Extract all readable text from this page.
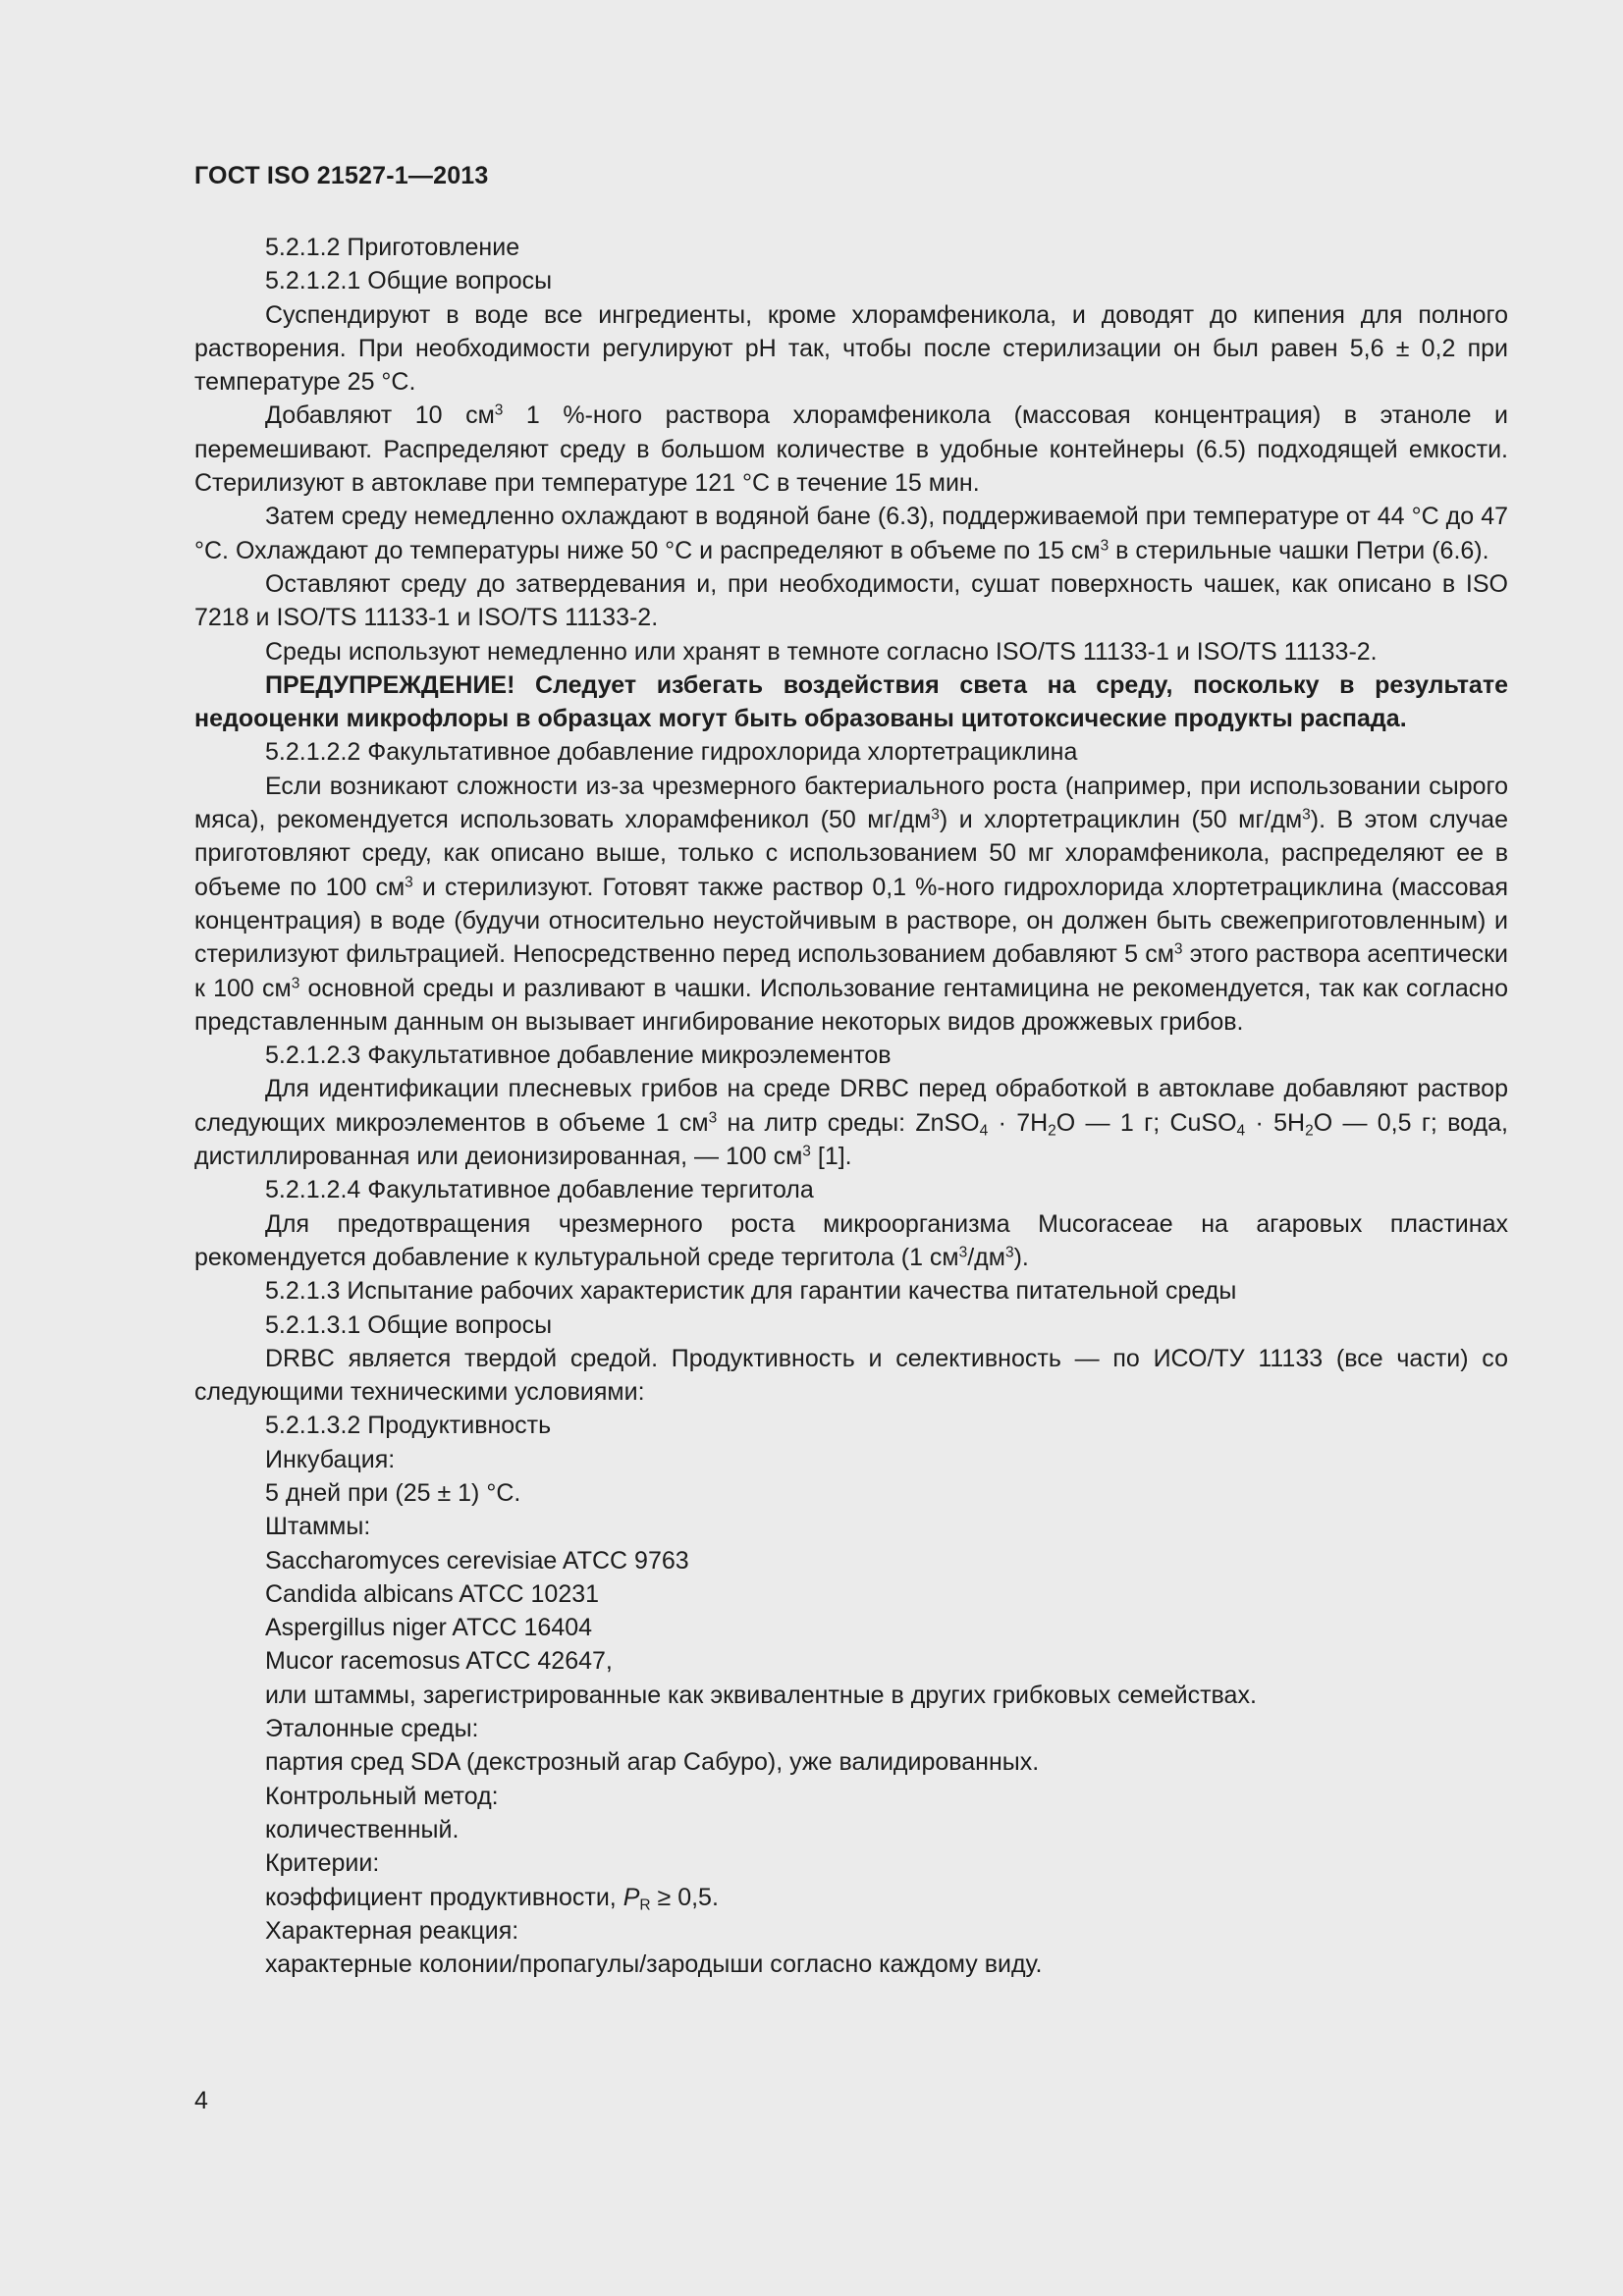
ГОСТ ISO 21527-1—2013

5.2.1.2 Приготовление

5.2.1.2.1 Общие вопросы

Суспендируют в воде все ингредиенты, кроме хлорамфеникола, и доводят до кипения для полного растворения. При необходимости регулируют pH так, чтобы после стерилизации он был равен 5,6 ± 0,2 при температуре 25 °С.

Добавляют 10 $см^3$ 1 %-ного раствора хлорамфеникола (массовая концентрация) в этаноле и перемешивают. Распределяют среду в большом количестве в удобные контейнеры (6.5) подходящей емкости. Стерилизуют в автоклаве при температуре 121 °С в течение 15 мин.

Затем среду немедленно охлаждают в водяной бане (6.3), поддерживаемой при температуре от 44 °С до 47 °С. Охлаждают до температуры ниже 50 °С и распределяют в объеме по 15 $см^3$ в стерильные чашки Петри (6.6).

Оставляют среду до затвердевания и, при необходимости, сушат поверхность чашек, как описано в ISO 7218 и ISO/TS 11133-1 и ISO/TS 11133-2.

Среды используют немедленно или хранят в темноте согласно ISO/TS 11133-1 и ISO/TS 11133-2.

ПРЕДУПРЕЖДЕНИЕ! Следует избегать воздействия света на среду, поскольку в результате недооценки микрофлоры в образцах могут быть образованы цитотоксические продукты распада.

5.2.1.2.2 Факультативное добавление гидрохлорида хлортетрациклина

Если возникают сложности из-за чрезмерного бактериального роста (например, при использовании сырого мяса), рекомендуется использовать хлорамфеникол (50 $мг/дм^3$) и хлортетрациклин (50 $мг/дм^3$). В этом случае приготовляют среду, как описано выше, только с использованием 50 мг хлорамфеникола, распределяют ее в объеме по 100 $см^3$ и стерилизуют. Готовят также раствор 0,1 %-ного гидрохлорида хлортетрациклина (массовая концентрация) в воде (будучи относительно неустойчивым в растворе, он должен быть свежеприготовленным) и стерилизуют фильтрацией. Непосредственно перед использованием добавляют 5 $см^3$ этого раствора асептически к 100 $см^3$ основной среды и разливают в чашки. Использование гентамицина не рекомендуется, так как согласно представленным данным он вызывает ингибирование некоторых видов дрожжевых грибов.

5.2.1.2.3 Факультативное добавление микроэлементов

Для идентификации плесневых грибов на среде DRBC перед обработкой в автоклаве добавляют раствор следующих микроэлементов в объеме 1 $см^3$ на литр среды: ZnSO$_4$ · $7H_2O$ — 1 г; CuSO$_4$ · $5H_2O$ — 0,5 г; вода, дистиллированная или деионизированная, — 100 $см^3$ [1].

5.2.1.2.4 Факультативное добавление тергитола

Для предотвращения чрезмерного роста микроорганизма Mucoraceae на агаровых пластинах рекомендуется добавление к культуральной среде тергитола (1 $см^3/дм^3$).

5.2.1.3 Испытание рабочих характеристик для гарантии качества питательной среды

5.2.1.3.1 Общие вопросы

DRBC является твердой средой. Продуктивность и селективность — по ИСО/ТУ 11133 (все части) со следующими техническими условиями:

5.2.1.3.2 Продуктивность

Инкубация:

5 дней при (25 ± 1) °С.

Штаммы:

Saccharomyces cerevisiae ATCC 9763

Candida albicans ATCC 10231

Aspergillus niger ATCC 16404

Mucor racemosus ATCC 42647,

или штаммы, зарегистрированные как эквивалентные в других грибковых семействах.

Эталонные среды:

партия сред SDA (декстрозный агар Сабуро), уже валидированных.

Контрольный метод:

количественный.

Критерии:

коэффициент продуктивности, $P_R \ge 0,5$.

Характерная реакция:

характерные колонии/пропагулы/зародыши согласно каждому виду.

4
